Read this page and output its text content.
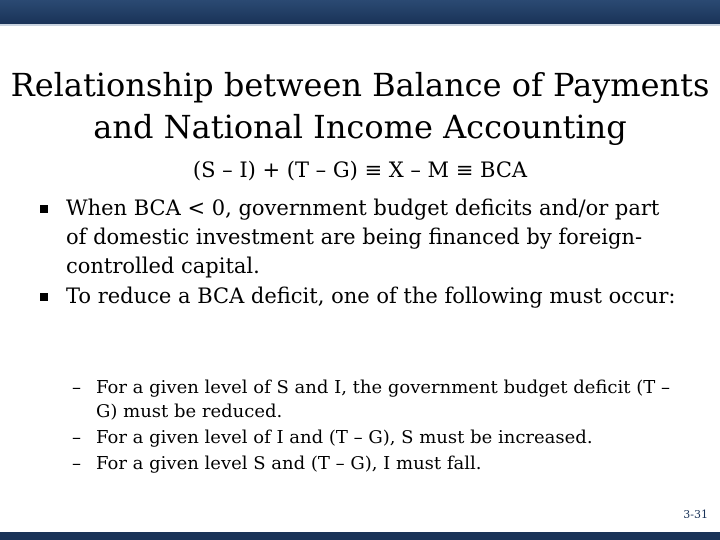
Relationship between Balance of Payments
and National Income Accounting
(S – I) + (T – G) ≡ X – M ≡ BCA
When BCA < 0, government budget deficits and/or part of domestic investment are being financed by foreign-controlled capital.
To reduce a BCA deficit, one of the following must occur:
– For a given level of S and I, the government budget deficit (T – G) must be reduced.
– For a given level of I and (T – G), S must be increased.
– For a given level S and (T – G), I must fall.
3-31
